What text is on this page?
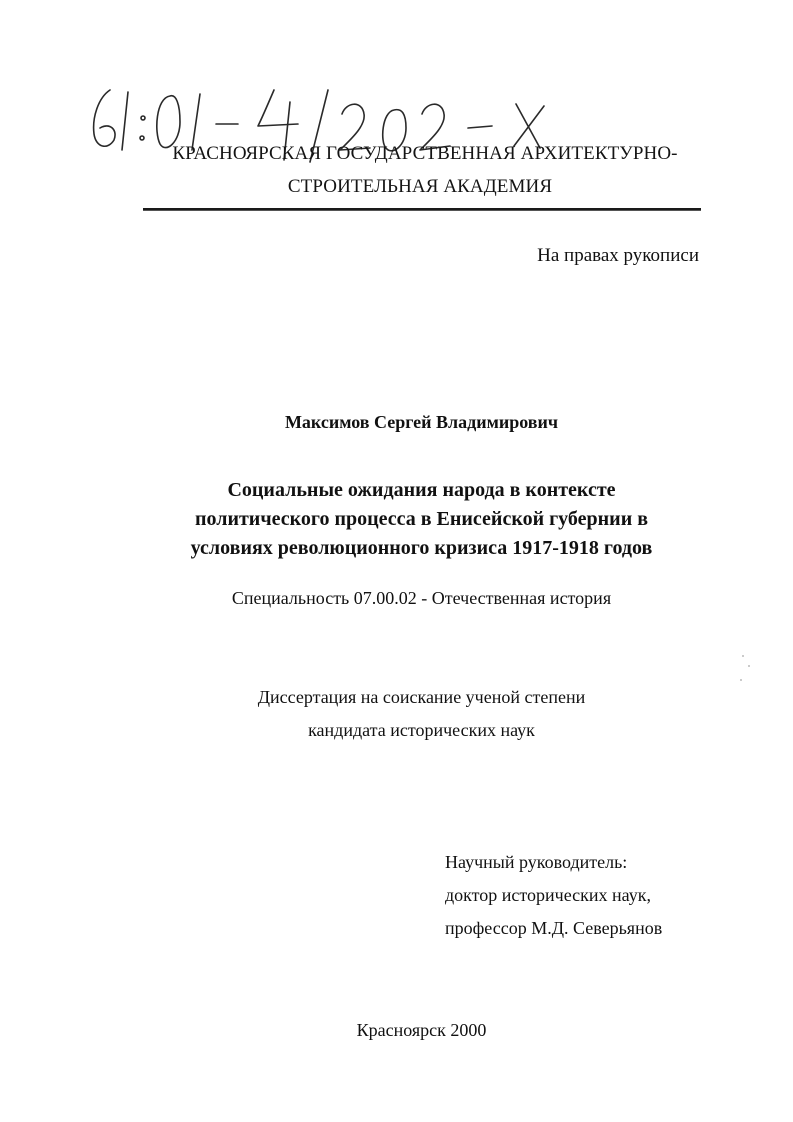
КРАСНОЯРСКАЯ ГОСУДАРСТВЕННАЯ АРХИТЕКТУРНО-
СТРОИТЕЛЬНАЯ АКАДЕМИЯ
На правах рукописи
Максимов Сергей Владимирович
Социальные ожидания народа в контексте
политического процесса в Енисейской губернии в
условиях революционного кризиса 1917-1918 годов
Специальность 07.00.02 - Отечественная история
Диссертация на соискание ученой степени
кандидата исторических наук
Научный руководитель:
доктор исторических наук,
профессор М.Д. Северьянов
Красноярск 2000
